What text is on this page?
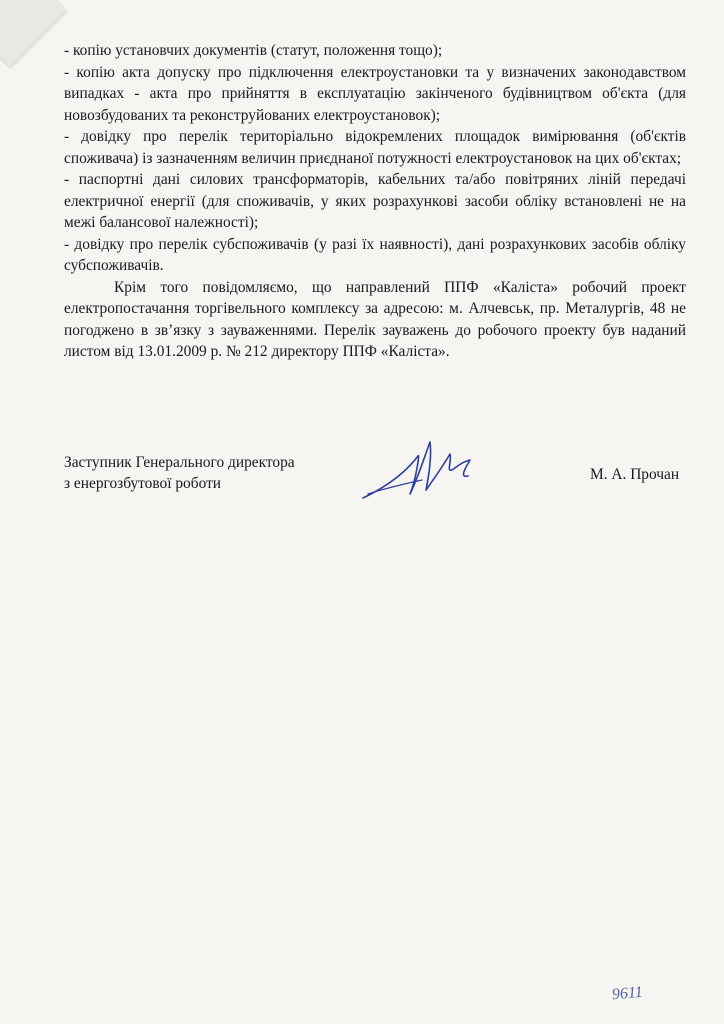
- копію установчих документів (статут, положення тощо);

- копію акта допуску про підключення електроустановки та у визначених законодавством випадках - акта про прийняття в експлуатацію закінченого будівництвом об'єкта (для новозбудованих та реконструйованих електроустановок);

- довідку про перелік територіально відокремлених площадок вимірювання (об'єктів споживача) із зазначенням величин приєднаної потужності електроустановок на цих об'єктах;

- паспортні дані силових трансформаторів, кабельних та/або повітряних ліній передачі електричної енергії (для споживачів, у яких розрахункові засоби обліку встановлені не на межі балансової належності);

- довідку про перелік субспоживачів (у разі їх наявності), дані розрахункових засобів обліку субспоживачів.

Крім того повідомляємо, що направлений ППФ «Каліста» робочий проект електропостачання торгівельного комплексу за адресою: м. Алчевськ, пр. Металургів, 48 не погоджено в зв’язку з зауваженнями. Перелік зауважень до робочого проекту був наданий листом від 13.01.2009 р. № 212 директору ППФ «Каліста».

Заступник Генерального директора
з енергозбутової роботи
М. А. Прочан

9611
